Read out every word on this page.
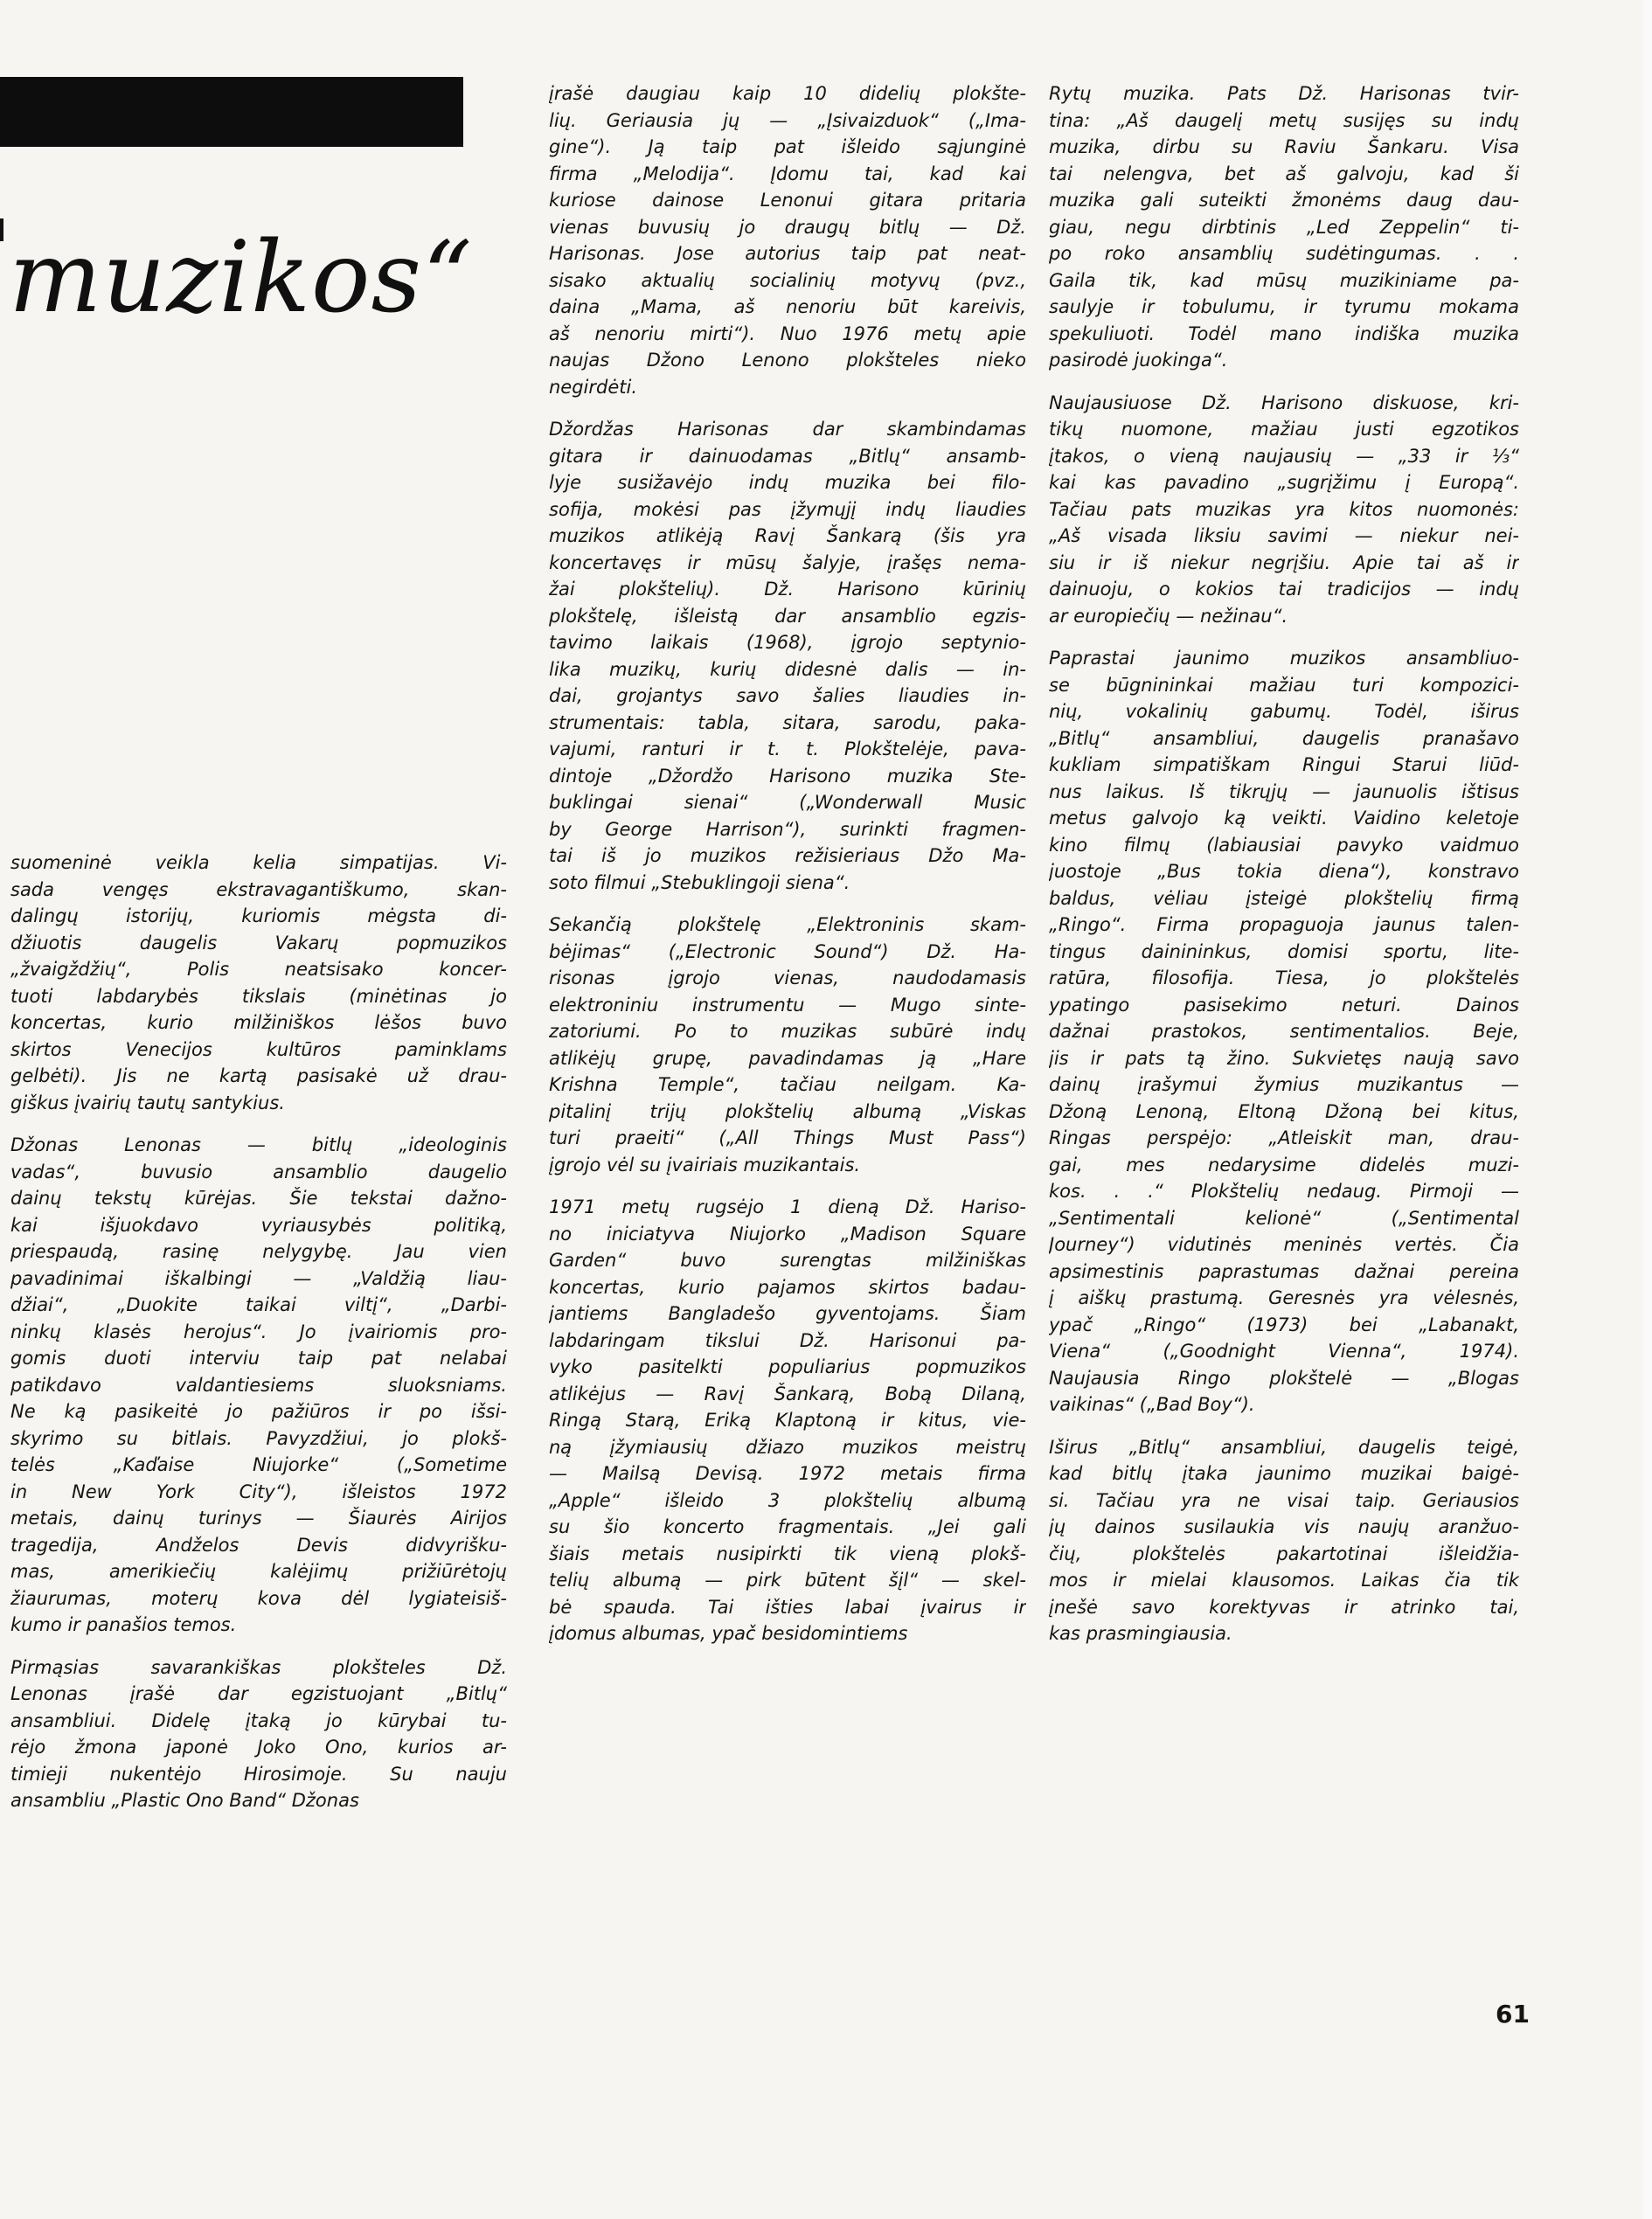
muzikos“

suomeninė veikla kelia simpatijas. Vi-
sada vengęs ekstravagantiškumo, skan-
dalingų istorijų, kuriomis mėgsta di-
džiuotis daugelis Vakarų popmuzikos
„žvaigždžių“, Polis neatsisako koncer-
tuoti labdarybės tikslais (minėtinas jo
koncertas, kurio milžiniškos lėšos buvo
skirtos Venecijos kultūros paminklams
gelbėti). Jis ne kartą pasisakė už drau-
giškus įvairių tautų santykius.

Džonas Lenonas — bitlų „ideologinis
vadas“, buvusio ansamblio daugelio
dainų tekstų kūrėjas. Šie tekstai dažno-
kai išjuokdavo vyriausybės politiką,
priespaudą, rasinę nelygybę. Jau vien
pavadinimai iškalbingi — „Valdžią liau-
džiai“, „Duokite taikai viltį“, „Darbi-
ninkų klasės herojus“. Jo įvairiomis pro-
gomis duoti interviu taip pat nelabai
patikdavo valdantiesiems sluoksniams.
Ne ką pasikeitė jo pažiūros ir po išsi-
skyrimo su bitlais. Pavyzdžiui, jo plokš-
telės „Kaďaise Niujorke“ („Sometime
in New York City“), išleistos 1972
metais, dainų turinys — Šiaurės Airijos
tragedija, Andželos Devis didvyrišku-
mas, amerikiečių kalėjimų prižiūrėtojų
žiaurumas, moterų kova dėl lygiateisiš-
kumo ir panašios temos.

Pirmąsias savarankiškas plokšteles Dž.
Lenonas įrašė dar egzistuojant „Bitlų“
ansambliui. Didelę įtaką jo kūrybai tu-
rėjo žmona japonė Joko Ono, kurios ar-
timieji nukentėjo Hirosimoje. Su nauju
ansambliu „Plastic Ono Band“ Džonas

įrašė daugiau kaip 10 didelių plokšte-
lių. Geriausia jų — „Įsivaizduok“ („Ima-
gine“). Ją taip pat išleido sąjunginė
firma „Melodija“. Įdomu tai, kad kai
kuriose dainose Lenonui gitara pritaria
vienas buvusių jo draugų bitlų — Dž.
Harisonas. Jose autorius taip pat neat-
sisako aktualių socialinių motyvų (pvz.,
daina „Mama, aš nenoriu būt kareivis,
aš nenoriu mirti“). Nuo 1976 metų apie
naujas Džono Lenono plokšteles nieko
negirdėti.

Džordžas Harisonas dar skambindamas
gitara ir dainuodamas „Bitlų“ ansamb-
lyje susižavėjo indų muzika bei filo-
sofija, mokėsi pas įžymųjį indų liaudies
muzikos atlikėją Ravį Šankarą (šis yra
koncertavęs ir mūsų šalyje, įrašęs nema-
žai plokštelių). Dž. Harisono kūrinių
plokštelę, išleistą dar ansamblio egzis-
tavimo laikais (1968), įgrojo septynio-
lika muzikų, kurių didesnė dalis — in-
dai, grojantys savo šalies liaudies in-
strumentais: tabla, sitara, sarodu, paka-
vajumi, ranturi ir t. t. Plokštelėje, pava-
dintoje „Džordžo Harisono muzika Ste-
buklingai sienai“ („Wonderwall Music
by George Harrison“), surinkti fragmen-
tai iš jo muzikos režisieriaus Džo Ma-
soto filmui „Stebuklingoji siena“.

Sekančią plokštelę „Elektroninis skam-
bėjimas“ („Electronic Sound“) Dž. Ha-
risonas įgrojo vienas, naudodamasis
elektroniniu instrumentu — Mugo sinte-
zatoriumi. Po to muzikas subūrė indų
atlikėjų grupę, pavadindamas ją „Hare
Krishna Temple“, tačiau neilgam. Ka-
pitalinį trijų plokštelių albumą „Viskas
turi praeiti“ („All Things Must Pass“)
įgrojo vėl su įvairiais muzikantais.

1971 metų rugsėjo 1 dieną Dž. Hariso-
no iniciatyva Niujorko „Madison Square
Garden“ buvo surengtas milžiniškas
koncertas, kurio pajamos skirtos badau-
jantiems Bangladešo gyventojams. Šiam
labdaringam tikslui Dž. Harisonui pa-
vyko pasitelkti populiarius popmuzikos
atlikėjus — Ravį Šankarą, Bobą Dilaną,
Ringą Starą, Eriką Klaptoną ir kitus, vie-
ną įžymiausių džiazo muzikos meistrų
— Mailsą Devisą. 1972 metais firma
„Apple“ išleido 3 plokštelių albumą
su šio koncerto fragmentais. „Jei gali
šiais metais nusipirkti tik vieną plokš-
telių albumą — pirk būtent šįl“ — skel-
bė spauda. Tai išties labai įvairus ir
įdomus albumas, ypač besidomintiems

Rytų muzika. Pats Dž. Harisonas tvir-
tina: „Aš daugelį metų susijęs su indų
muzika, dirbu su Raviu Šankaru. Visa
tai nelengva, bet aš galvoju, kad ši
muzika gali suteikti žmonėms daug dau-
giau, negu dirbtinis „Led Zeppelin“ ti-
po roko ansamblių sudėtingumas. . .
Gaila tik, kad mūsų muzikiniame pa-
saulyje ir tobulumu, ir tyrumu mokama
spekuliuoti. Todėl mano indiška muzika
pasirodė juokinga“.

Naujausiuose Dž. Harisono diskuose, kri-
tikų nuomone, mažiau justi egzotikos
įtakos, o vieną naujausių — „33 ir ⅓“
kai kas pavadino „sugrįžimu į Europą“.
Tačiau pats muzikas yra kitos nuomonės:
„Aš visada liksiu savimi — niekur nei-
siu ir iš niekur negrįšiu. Apie tai aš ir
dainuoju, o kokios tai tradicijos — indų
ar europiečių — nežinau“.

Paprastai jaunimo muzikos ansambliuo-
se būgnininkai mažiau turi kompozici-
nių, vokalinių gabumų. Todėl, iširus
„Bitlų“ ansambliui, daugelis pranašavo
kukliam simpatiškam Ringui Starui liūd-
nus laikus. Iš tikrųjų — jaunuolis ištisus
metus galvojo ką veikti. Vaidino keletoje
kino filmų (labiausiai pavyko vaidmuo
juostoje „Bus tokia diena“), konstravo
baldus, vėliau įsteigė plokštelių firmą
„Ringo“. Firma propaguoja jaunus talen-
tingus dainininkus, domisi sportu, lite-
ratūra, filosofija. Tiesa, jo plokštelės
ypatingo pasisekimo neturi. Dainos
dažnai prastokos, sentimentalios. Beje,
jis ir pats tą žino. Sukvietęs naują savo
dainų įrašymui žymius muzikantus —
Džoną Lenoną, Eltoną Džoną bei kitus,
Ringas perspėjo: „Atleiskit man, drau-
gai, mes nedarysime didelės muzi-
kos. . .“ Plokštelių nedaug. Pirmoji —
„Sentimentali kelionė“ („Sentimental
Journey“) vidutinės meninės vertės. Čia
apsimestinis paprastumas dažnai pereina
į aiškų prastumą. Geresnės yra vėlesnės,
ypač „Ringo“ (1973) bei „Labanakt,
Viena“ („Goodnight Vienna“, 1974).
Naujausia Ringo plokštelė — „Blogas
vaikinas“ („Bad Boy“).

Iširus „Bitlų“ ansambliui, daugelis teigė,
kad bitlų įtaka jaunimo muzikai baigė-
si. Tačiau yra ne visai taip. Geriausios
jų dainos susilaukia vis naujų aranžuo-
čių, plokštelės pakartotinai išleidžia-
mos ir mielai klausomos. Laikas čia tik
įnešė savo korektyvas ir atrinko tai,
kas prasmingiausia.

61
